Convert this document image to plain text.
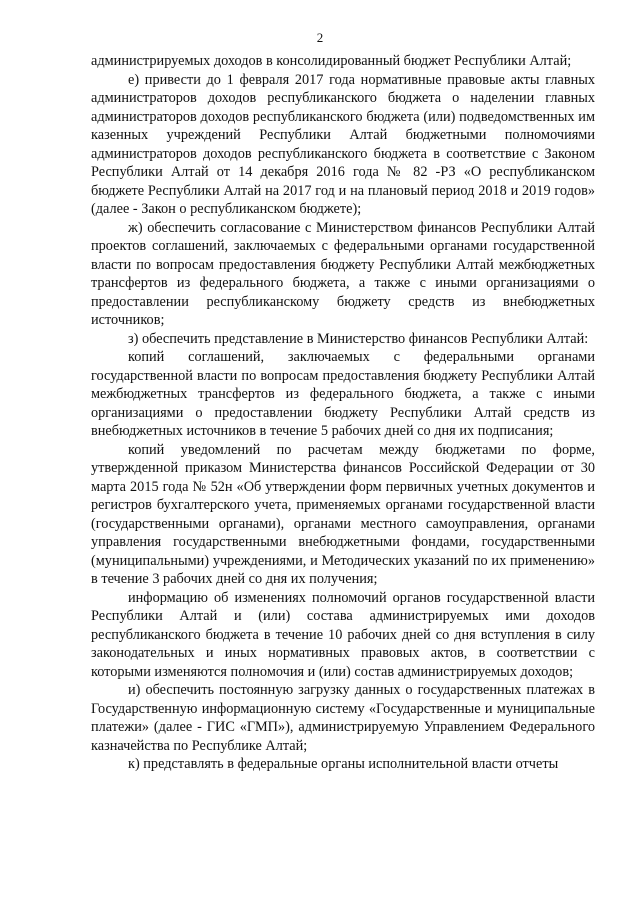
2

администрируемых доходов в консолидированный бюджет Республики Алтай;

е) привести до 1 февраля 2017 года нормативные правовые акты главных администраторов доходов республиканского бюджета о наделении главных администраторов доходов республиканского бюджета (или) подведомственных им казенных учреждений Республики Алтай бюджетными полномочиями администраторов доходов республиканского бюджета в соответствие с Законом Республики Алтай от 14 декабря 2016 года № 82 -РЗ «О республиканском бюджете Республики Алтай на 2017 год и на плановый период 2018 и 2019 годов» (далее - Закон о республиканском бюджете);

ж) обеспечить согласование с Министерством финансов Республики Алтай проектов соглашений, заключаемых с федеральными органами государственной власти по вопросам предоставления бюджету Республики Алтай межбюджетных трансфертов из федерального бюджета, а также с иными организациями о предоставлении республиканскому бюджету средств из внебюджетных источников;

з) обеспечить представление в Министерство финансов Республики Алтай:

копий соглашений, заключаемых с федеральными органами государственной власти по вопросам предоставления бюджету Республики Алтай межбюджетных трансфертов из федерального бюджета, а также с иными организациями о предоставлении бюджету Республики Алтай средств из внебюджетных источников в течение 5 рабочих дней со дня их подписания;

копий уведомлений по расчетам между бюджетами по форме, утвержденной приказом Министерства финансов Российской Федерации от 30 марта 2015 года № 52н «Об утверждении форм первичных учетных документов и регистров бухгалтерского учета, применяемых органами государственной власти (государственными органами), органами местного самоуправления, органами управления государственными внебюджетными фондами, государственными (муниципальными) учреждениями, и Методических указаний по их применению» в течение 3 рабочих дней со дня их получения;

информацию об изменениях полномочий органов государственной власти Республики Алтай и (или) состава администрируемых ими доходов республиканского бюджета в течение 10 рабочих дней со дня вступления в силу законодательных и иных нормативных правовых актов, в соответствии с которыми изменяются полномочия и (или) состав администрируемых доходов;

и) обеспечить постоянную загрузку данных о государственных платежах в Государственную информационную систему «Государственные и муниципальные платежи» (далее - ГИС «ГМП»), администрируемую Управлением Федерального казначейства по Республике Алтай;

к) представлять в федеральные органы исполнительной власти отчеты
